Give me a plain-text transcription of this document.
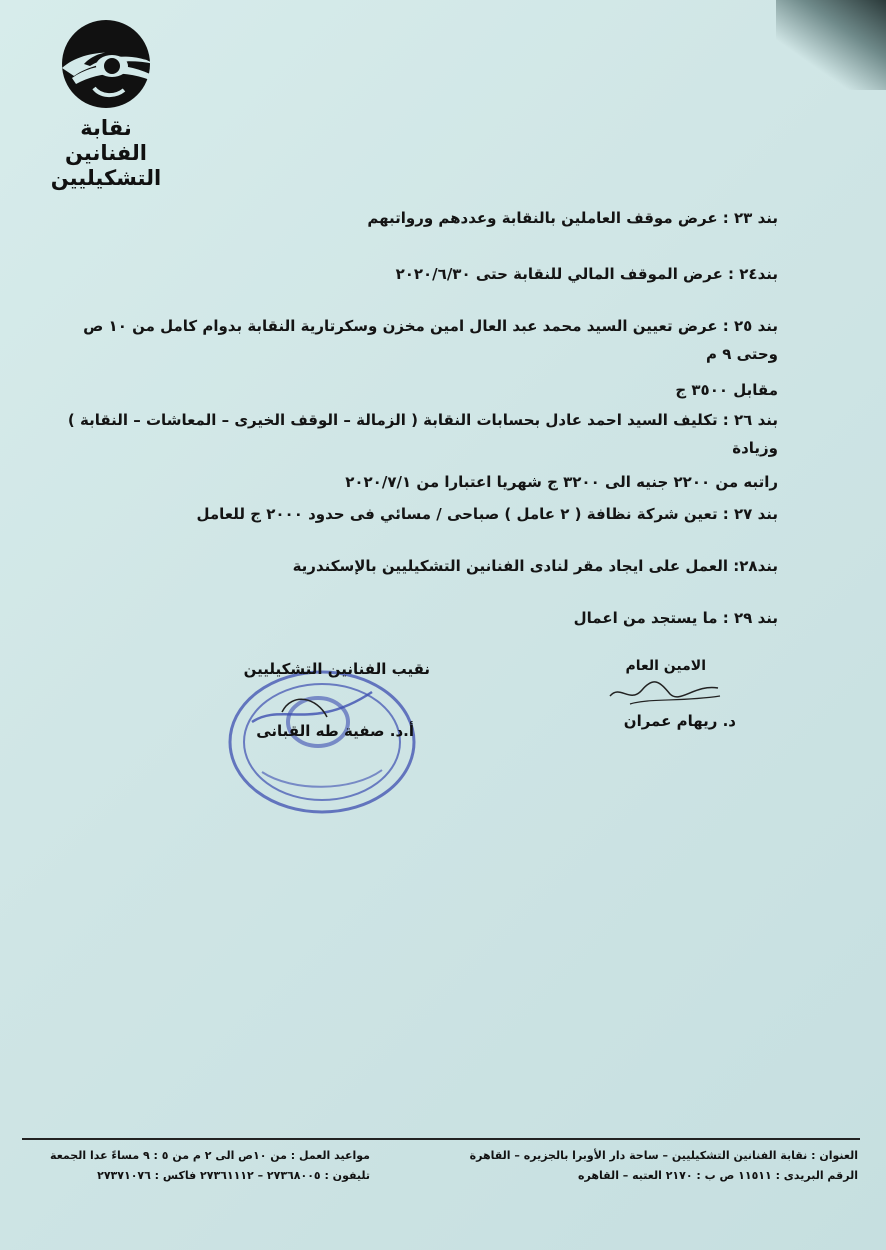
نقابة
الفنانين
التشكيليين
بند ٢٣ : عرض موقف العاملين بالنقابة وعددهم ورواتبهم
بند٢٤ : عرض الموقف المالي للنقابة حتى ٢٠٢٠/٦/٣٠
بند ٢٥ : عرض تعيين السيد محمد عبد العال امين مخزن وسكرتارية النقابة بدوام كامل من ١٠ ص وحتى ٩ م
مقابل ٣٥٠٠ ج
بند ٢٦ : تكليف السيد احمد عادل بحسابات النقابة ( الزمالة – الوقف الخيرى – المعاشات – النقابة ) وزيادة
راتبه من ٢٢٠٠ جنيه الى ٣٢٠٠ ج شهريا اعتبارا من ٢٠٢٠/٧/١
بند ٢٧ : تعين شركة نظافة ( ٢ عامل ) صباحى / مسائي فى حدود ٢٠٠٠ ج للعامل
بند٢٨: العمل على ايجاد مقر لنادى الفنانين التشكيليين بالإسكندرية
بند ٢٩ : ما يستجد من اعمال
نقيب الفنانين التشكيليين
أ.د. صفية طه القبانى
الامين العام
د. ريهام عمران
العنوان : نقابة الفنانين التشكيليين – ساحة دار الأوبرا بالجزيره – القاهرة
الرقم البريدى : ١١٥١١ ص ب : ٢١٧٠ العتبه – القاهره
مواعيد العمل : من ١٠ص الى ٢ م من ٥ : ٩ مساءً عدا الجمعة
تليفون : ٢٧٣٦٨٠٠٥ – ٢٧٣٦١١١٢ فاكس : ٢٧٣٧١٠٧٦
